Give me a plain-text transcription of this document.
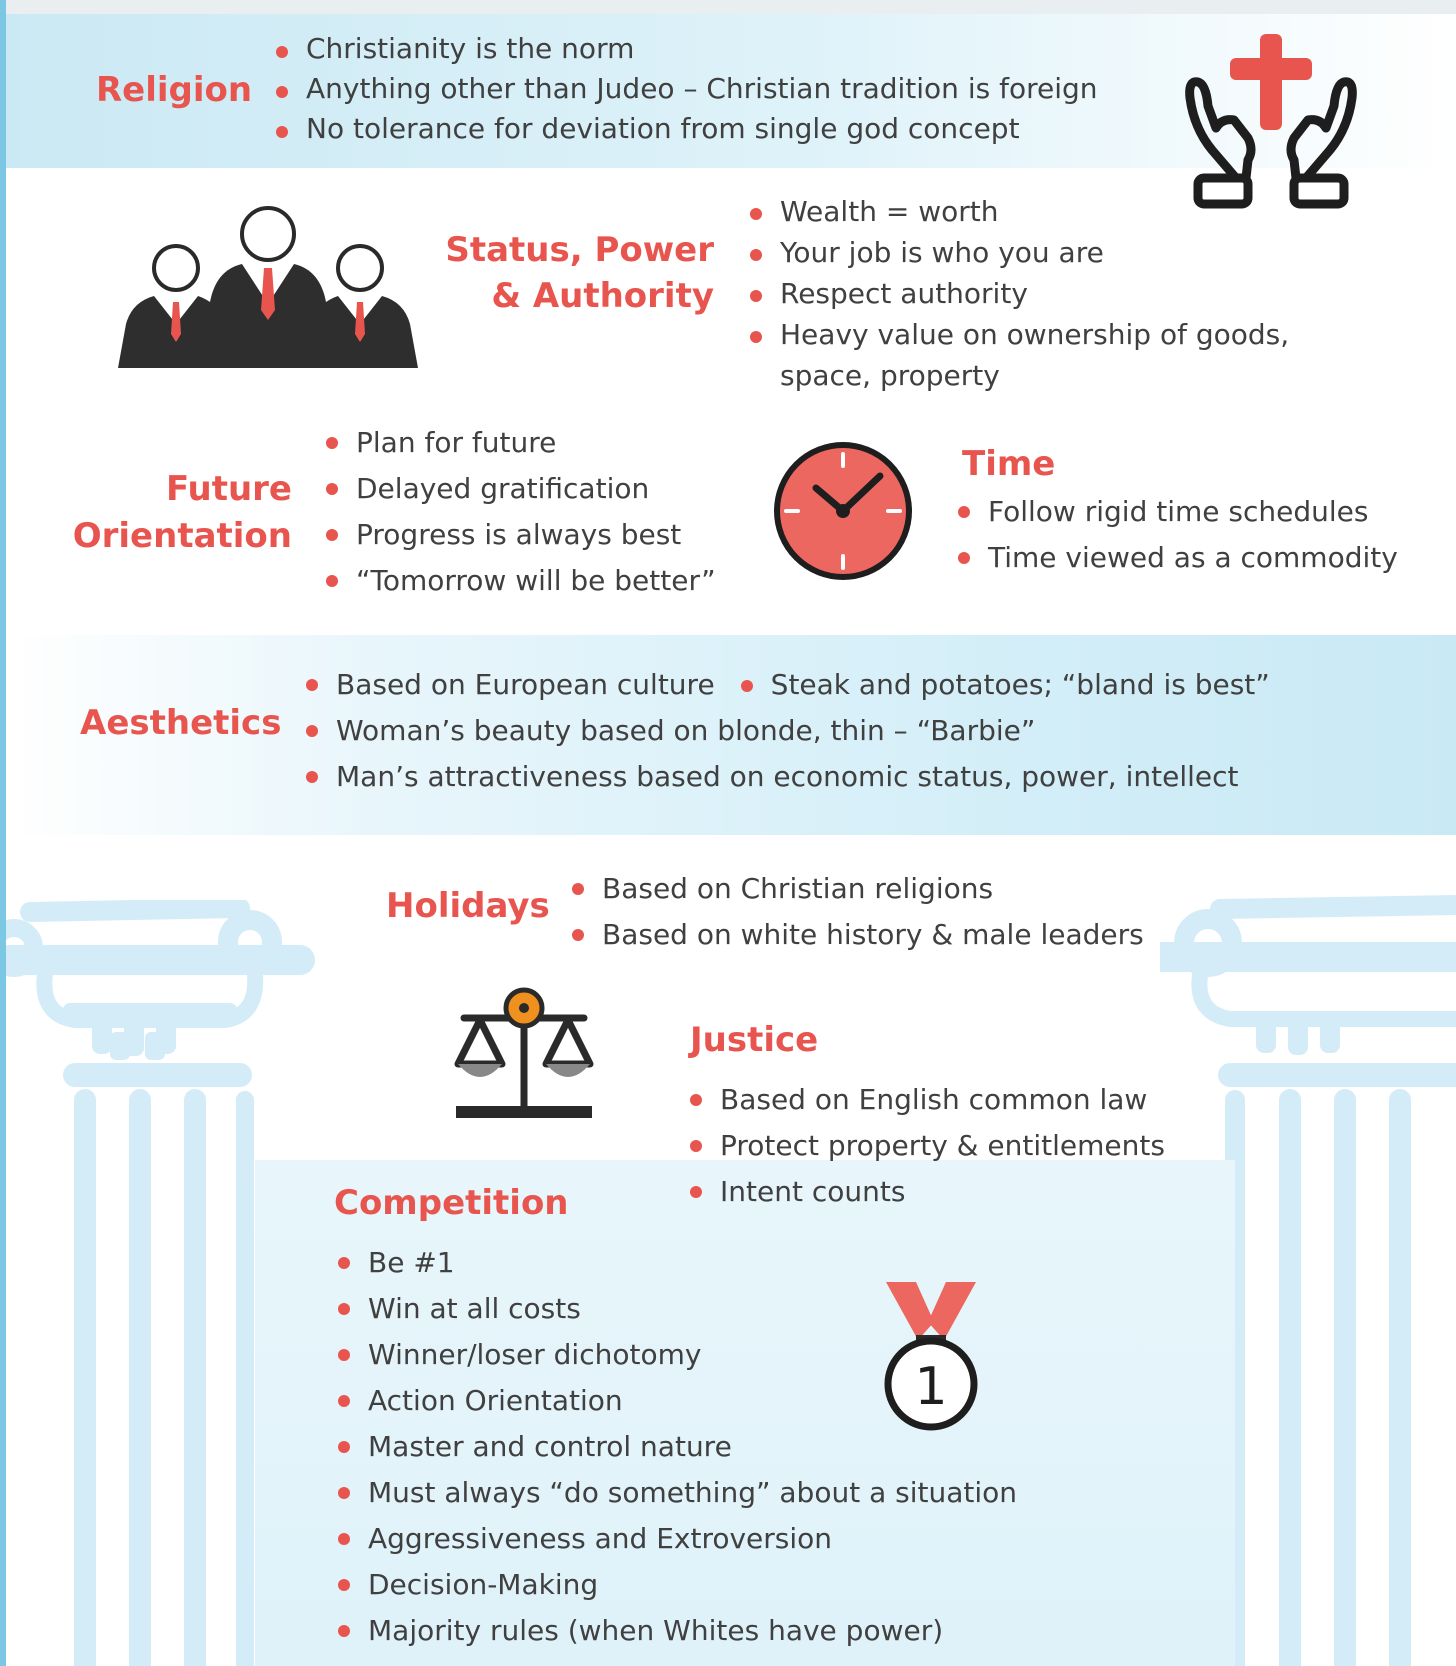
Religion
Christianity is the norm
Anything other than Judeo – Christian tradition is foreign
No tolerance for deviation from single god concept
Status, Power
& Authority
Wealth = worth
Your job is who you are
Respect authority
Heavy value on ownership of goods,
space, property
Future
Orientation
Plan for future
Delayed gratification
Progress is always best
“Tomorrow will be better”
Time
Follow rigid time schedules
Time viewed as a commodity
Aesthetics
Based on European culture Steak and potatoes; “bland is best”
Woman’s beauty based on blonde, thin – “Barbie”
Man’s attractiveness based on economic status, power, intellect
Holidays	Based on Christian religions
Based on white history & male leaders
Justice
Based on English common law
Protect property & entitlements
Intent counts
Competition
Be #1
Win at all costs
Winner/loser dichotomy
Action Orientation
Master and control nature
Must always “do something” about a situation
Aggressiveness and Extroversion
Decision-Making
Majority rules (when Whites have power)
1
